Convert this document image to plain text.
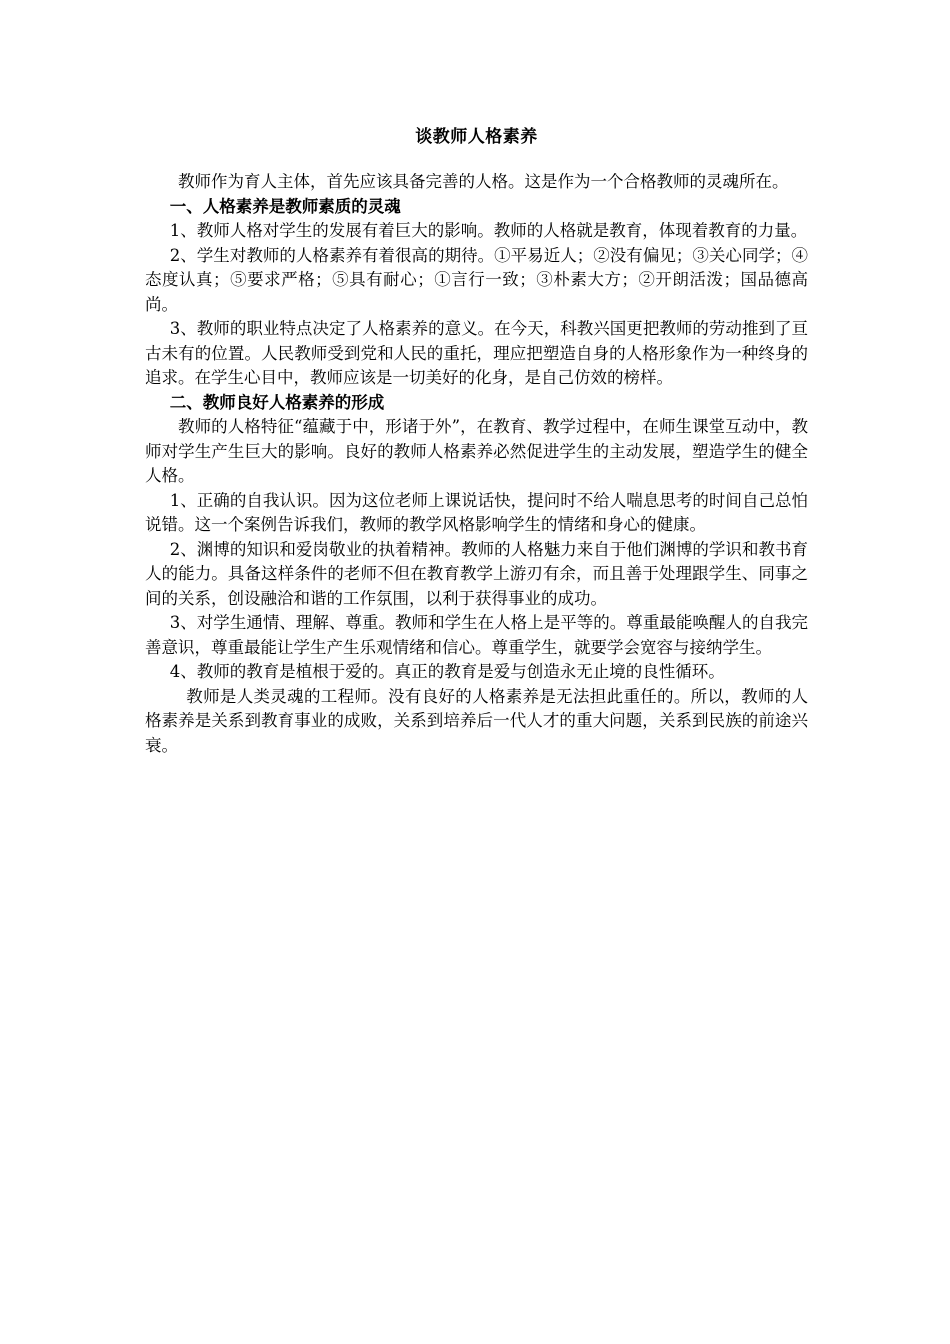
谈教师人格素养

教师作为育人主体，首先应该具备完善的人格。这是作为一个合格教师的灵魂所在。

一、人格素养是教师素质的灵魂

1、教师人格对学生的发展有着巨大的影响。教师的人格就是教育，体现着教育的力量。

2、学生对教师的人格素养有着很高的期待。①平易近人；②没有偏见；③关心同学；④态度认真；⑤要求严格；⑤具有耐心；①言行一致；③朴素大方；②开朗活泼；国品德高尚。

3、教师的职业特点决定了人格素养的意义。在今天，科教兴国更把教师的劳动推到了亘古未有的位置。人民教师受到党和人民的重托，理应把塑造自身的人格形象作为一种终身的追求。在学生心目中，教师应该是一切美好的化身，是自己仿效的榜样。

二、教师良好人格素养的形成

教师的人格特征“蕴藏于中，形诸于外”，在教育、教学过程中，在师生课堂互动中，教师对学生产生巨大的影响。良好的教师人格素养必然促进学生的主动发展，塑造学生的健全人格。

1、正确的自我认识。因为这位老师上课说话快，提问时不给人喘息思考的时间自己总怕说错。这一个案例告诉我们，教师的教学风格影响学生的情绪和身心的健康。

2、渊博的知识和爱岗敬业的执着精神。教师的人格魅力来自于他们渊博的学识和教书育人的能力。具备这样条件的老师不但在教育教学上游刃有余，而且善于处理跟学生、同事之间的关系，创设融洽和谐的工作氛围，以利于获得事业的成功。

3、对学生通情、理解、尊重。教师和学生在人格上是平等的。尊重最能唤醒人的自我完善意识，尊重最能让学生产生乐观情绪和信心。尊重学生，就要学会宽容与接纳学生。

4、教师的教育是植根于爱的。真正的教育是爱与创造永无止境的良性循环。

教师是人类灵魂的工程师。没有良好的人格素养是无法担此重任的。所以，教师的人格素养是关系到教育事业的成败，关系到培养后一代人才的重大问题，关系到民族的前途兴衰。
